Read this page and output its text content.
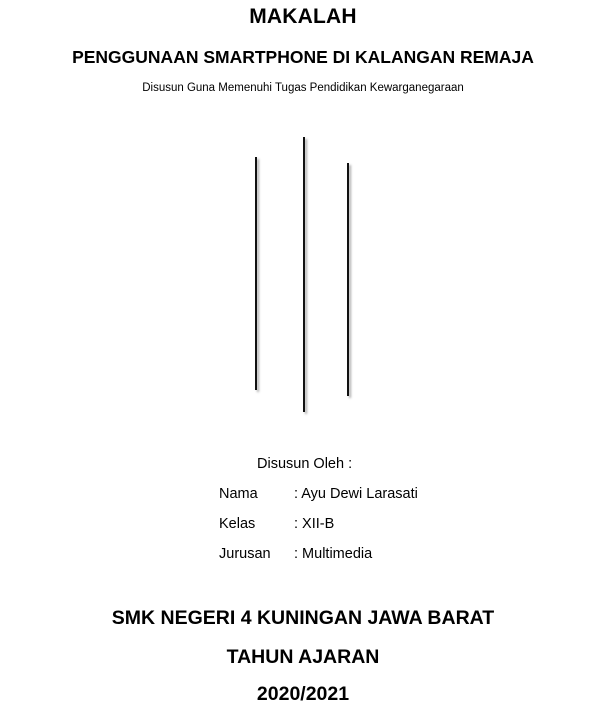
MAKALAH
PENGGUNAAN SMARTPHONE DI KALANGAN REMAJA
Disusun Guna Memenuhi Tugas Pendidikan Kewarganegaraan
Disusun Oleh :
Nama	: Ayu Dewi Larasati
Kelas	: XII-B
Jurusan : Multimedia
SMK NEGERI 4 KUNINGAN JAWA BARAT
TAHUN AJARAN
2020/2021
